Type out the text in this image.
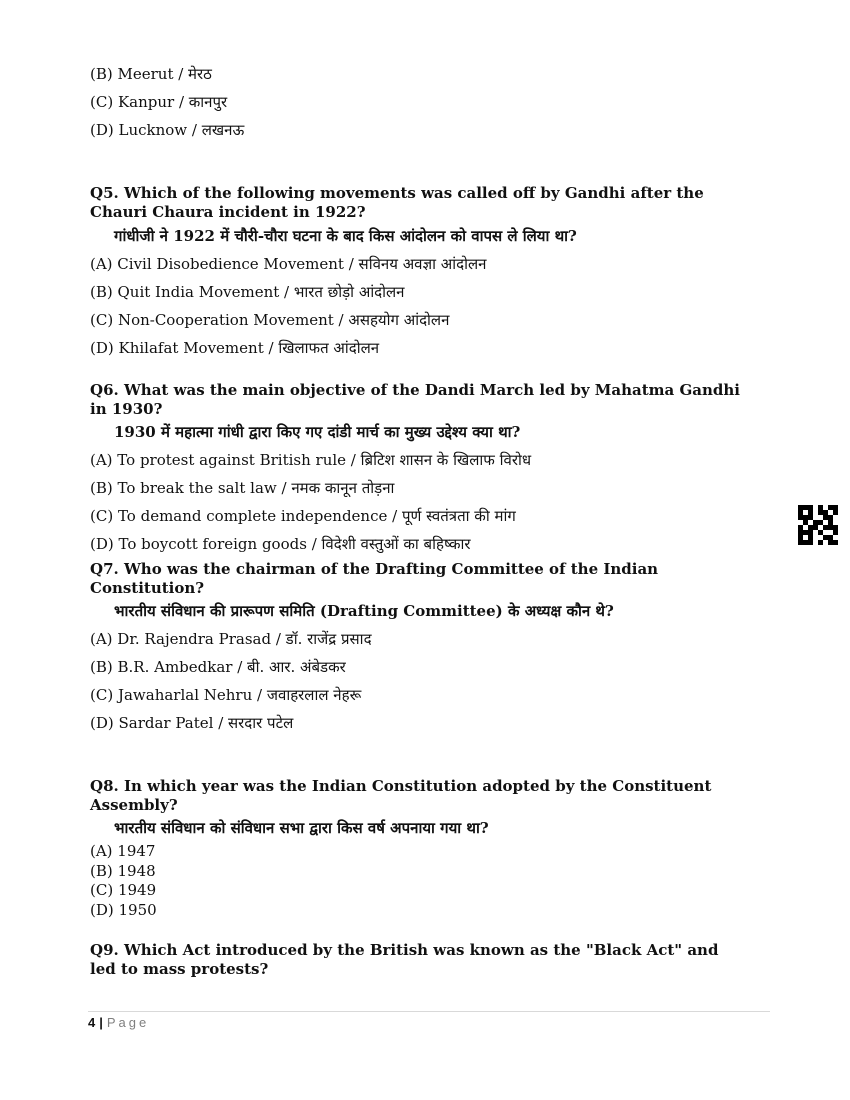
(B) Meerut / मेरठ
(C) Kanpur / कानपुर
(D) Lucknow / लखनऊ
Q5. Which of the following movements was called off by Gandhi after the Chauri Chaura incident in 1922?
गांधीजी ने 1922 में चौरी-चौरा घटना के बाद किस आंदोलन को वापस ले लिया था?
(A) Civil Disobedience Movement / सविनय अवज्ञा आंदोलन
(B) Quit India Movement / भारत छोड़ो आंदोलन
(C) Non-Cooperation Movement / असहयोग आंदोलन
(D) Khilafat Movement / खिलाफत आंदोलन
Q6. What was the main objective of the Dandi March led by Mahatma Gandhi in 1930?
1930 में महात्मा गांधी द्वारा किए गए दांडी मार्च का मुख्य उद्देश्य क्या था?
(A) To protest against British rule / ब्रिटिश शासन के खिलाफ विरोध
(B) To break the salt law / नमक कानून तोड़ना
(C) To demand complete independence / पूर्ण स्वतंत्रता की मांग
(D) To boycott foreign goods / विदेशी वस्तुओं का बहिष्कार
Q7. Who was the chairman of the Drafting Committee of the Indian Constitution?
भारतीय संविधान की प्रारूपण समिति (Drafting Committee) के अध्यक्ष कौन थे?
(A) Dr. Rajendra Prasad / डॉ. राजेंद्र प्रसाद
(B) B.R. Ambedkar / बी. आर. अंबेडकर
(C) Jawaharlal Nehru / जवाहरलाल नेहरू
(D) Sardar Patel / सरदार पटेल
Q8. In which year was the Indian Constitution adopted by the Constituent Assembly?
भारतीय संविधान को संविधान सभा द्वारा किस वर्ष अपनाया गया था?
(A) 1947
(B) 1948
(C) 1949
(D) 1950
Q9. Which Act introduced by the British was known as the "Black Act" and led to mass protests?
4 | Page
